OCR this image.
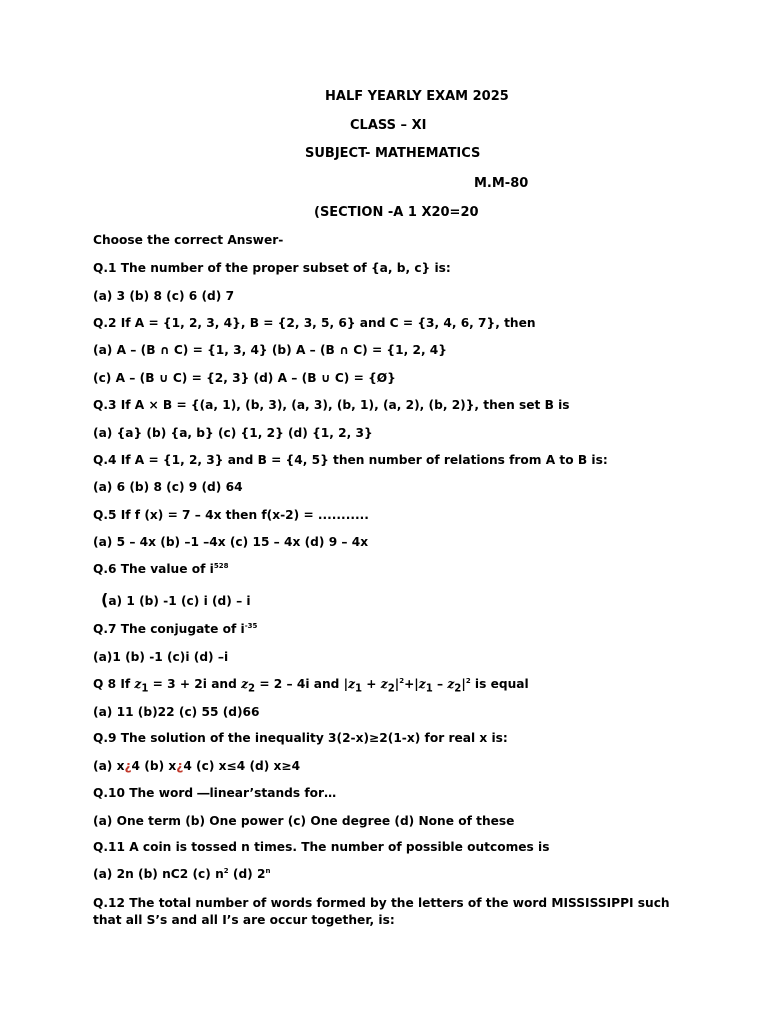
HALF YEARLY EXAM 2025
CLASS – XI
SUBJECT- MATHEMATICS
M.M-80
(SECTION -A 1 X20=20
Choose the correct Answer-
Q.1 The number of the proper subset of {a, b, c} is:
(a) 3 (b) 8 (c) 6 (d) 7
Q.2 If A = {1, 2, 3, 4}, B = {2, 3, 5, 6} and C = {3, 4, 6, 7}, then
(a) A – (B ∩ C) = {1, 3, 4} (b) A – (B ∩ C) = {1, 2, 4}
(c) A – (B ∪ C) = {2, 3} (d) A – (B ∪ C) = {Ø}
Q.3 If A × B = {(a, 1), (b, 3), (a, 3), (b, 1), (a, 2), (b, 2)}, then set B is
(a) {a} (b) {a, b} (c) {1, 2} (d) {1, 2, 3}
Q.4 If A = {1, 2, 3} and B = {4, 5} then number of relations from A to B is:
(a) 6 (b) 8 (c) 9 (d) 64
Q.5 If f (x) = 7 – 4x then f(x-2) = ...........
(a) 5 – 4x (b) –1 –4x (c) 15 – 4x (d) 9 – 4x
Q.6 The value of $i^{528}$
(a) 1 (b) -1 (c) i (d) – i
Q.7 The conjugate of $i^{-35}$
(a)1 (b) -1 (c)i (d) –i
Q 8 If $z_1 = 3 + 2i$ and $z_2 = 2 - 4i$ and $|z_1 + z_2|^2+|z_1 - z_2|^2$ is equal
(a) 11 (b)22 (c) 55 (d)66
Q.9 The solution of the inequality 3(2-x)≥2(1-x) for real x is:
(a) x¿4 (b) x¿4 (c) x≤4 (d) x≥4
Q.10 The word ―linear’stands for…
(a) One term (b) One power (c) One degree (d) None of these
Q.11 A coin is tossed n times. The number of possible outcomes is
(a) 2n (b) nC2 (c) $n^2$ (d) 2$^n$
Q.12 The total number of words formed by the letters of the word MISSISSIPPI such that all S’s and all I’s are occur together, is:
